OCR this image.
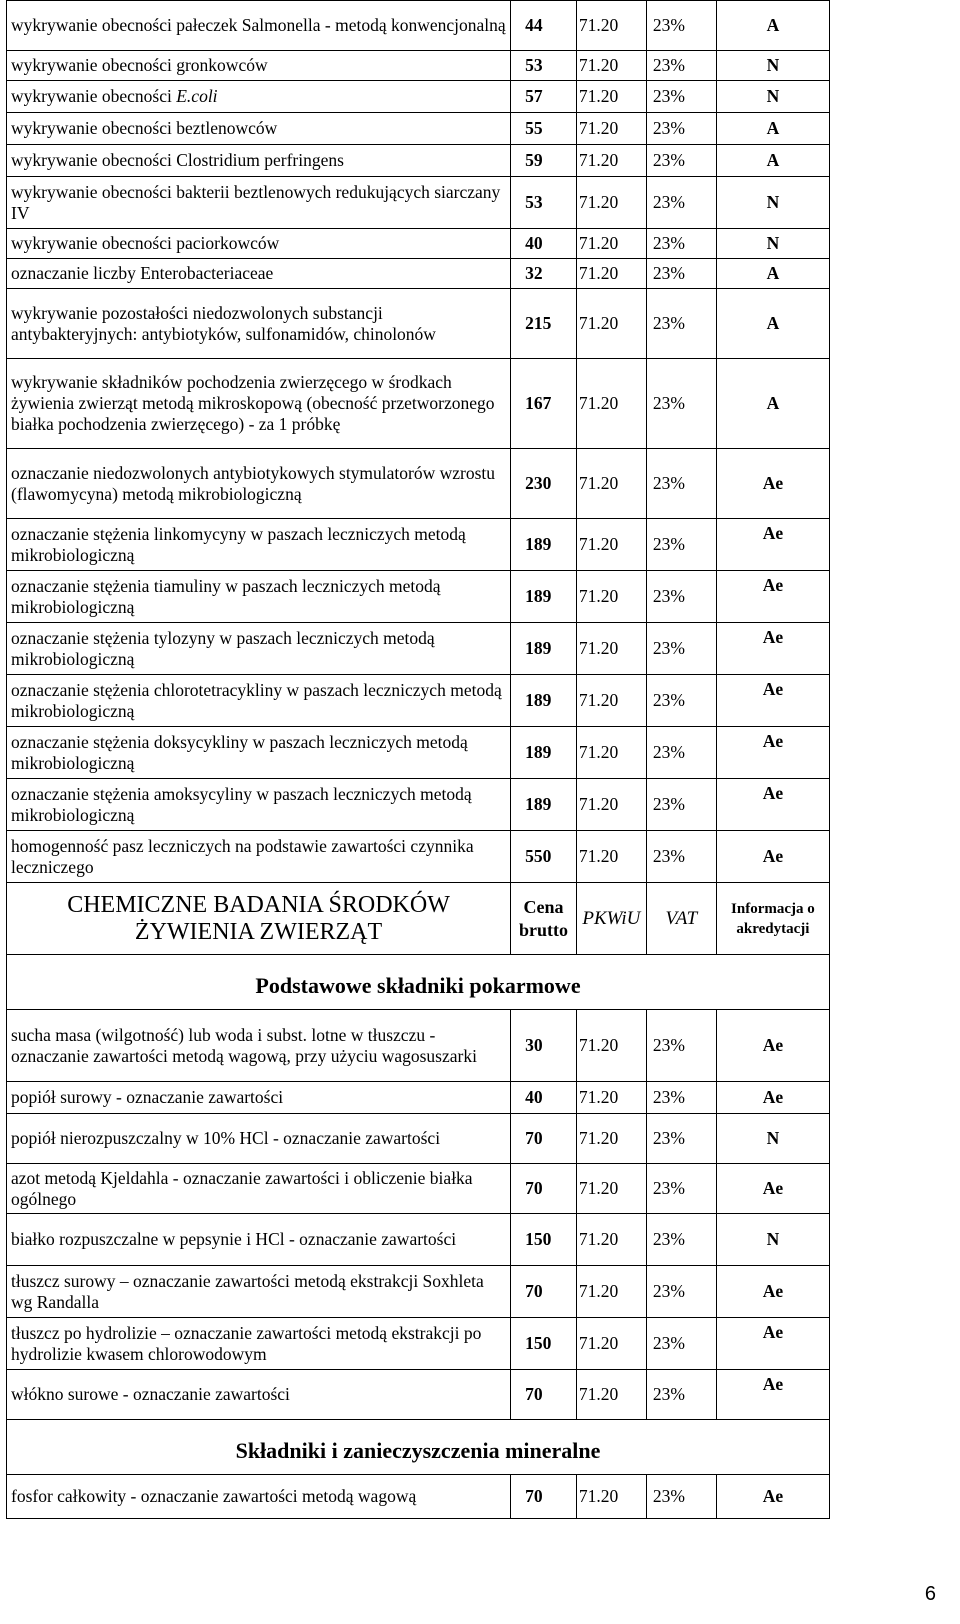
wykrywanie obecności pałeczek Salmonella - metodą konwencjonalną	44	71.20	23%	A
wykrywanie obecności gronkowców	53	71.20	23%	N
wykrywanie obecności E.coli	57	71.20	23%	N
wykrywanie obecności beztlenowców	55	71.20	23%	A
wykrywanie obecności Clostridium perfringens	59	71.20	23%	A
wykrywanie obecności bakterii beztlenowych redukujących siarczany IV	53	71.20	23%	N
wykrywanie obecności paciorkowców	40	71.20	23%	N
oznaczanie liczby Enterobacteriaceae	32	71.20	23%	A
wykrywanie pozostałości niedozwolonych substancji antybakteryjnych: antybiotyków, sulfonamidów, chinolonów	215	71.20	23%	A
wykrywanie składników pochodzenia zwierzęcego w środkach żywienia zwierząt metodą mikroskopową (obecność przetworzonego białka pochodzenia zwierzęcego) - za 1 próbkę	167	71.20	23%	A
oznaczanie niedozwolonych antybiotykowych stymulatorów wzrostu (flawomycyna) metodą mikrobiologiczną	230	71.20	23%	Ae
oznaczanie stężenia linkomycyny w paszach leczniczych metodą mikrobiologiczną	189	71.20	23%	Ae
oznaczanie stężenia tiamuliny w paszach leczniczych metodą mikrobiologiczną	189	71.20	23%	Ae
oznaczanie stężenia tylozyny w paszach leczniczych metodą mikrobiologiczną	189	71.20	23%	Ae
oznaczanie stężenia chlorotetracykliny w paszach leczniczych metodą mikrobiologiczną	189	71.20	23%	Ae
oznaczanie stężenia doksycykliny w paszach leczniczych metodą mikrobiologiczną	189	71.20	23%	Ae
oznaczanie stężenia amoksycyliny w paszach leczniczych metodą mikrobiologiczną	189	71.20	23%	Ae
homogenność pasz leczniczych na podstawie zawartości czynnika leczniczego	550	71.20	23%	Ae
CHEMICZNE BADANIA ŚRODKÓW ŻYWIENIA ZWIERZĄT	Cena brutto	PKWiU	VAT	Informacja o akredytacji
Podstawowe składniki pokarmowe				
sucha masa (wilgotność) lub woda i subst. lotne w tłuszczu - oznaczanie zawartości metodą wagową, przy użyciu wagosuszarki	30	71.20	23%	Ae
popiół surowy - oznaczanie zawartości	40	71.20	23%	Ae
popiół nierozpuszczalny w 10% HCl - oznaczanie zawartości	70	71.20	23%	N
azot metodą Kjeldahla - oznaczanie zawartości i obliczenie białka ogólnego	70	71.20	23%	Ae
białko rozpuszczalne w pepsynie i HCl - oznaczanie zawartości	150	71.20	23%	N
tłuszcz surowy – oznaczanie zawartości metodą ekstrakcji Soxhleta wg Randalla	70	71.20	23%	Ae
tłuszcz po hydrolizie – oznaczanie zawartości metodą ekstrakcji po hydrolizie kwasem chlorowodowym	150	71.20	23%	Ae
włókno surowe - oznaczanie zawartości	70	71.20	23%	Ae
Składniki i zanieczyszczenia mineralne				
fosfor całkowity - oznaczanie zawartości metodą wagową	70	71.20	23%	Ae
6
